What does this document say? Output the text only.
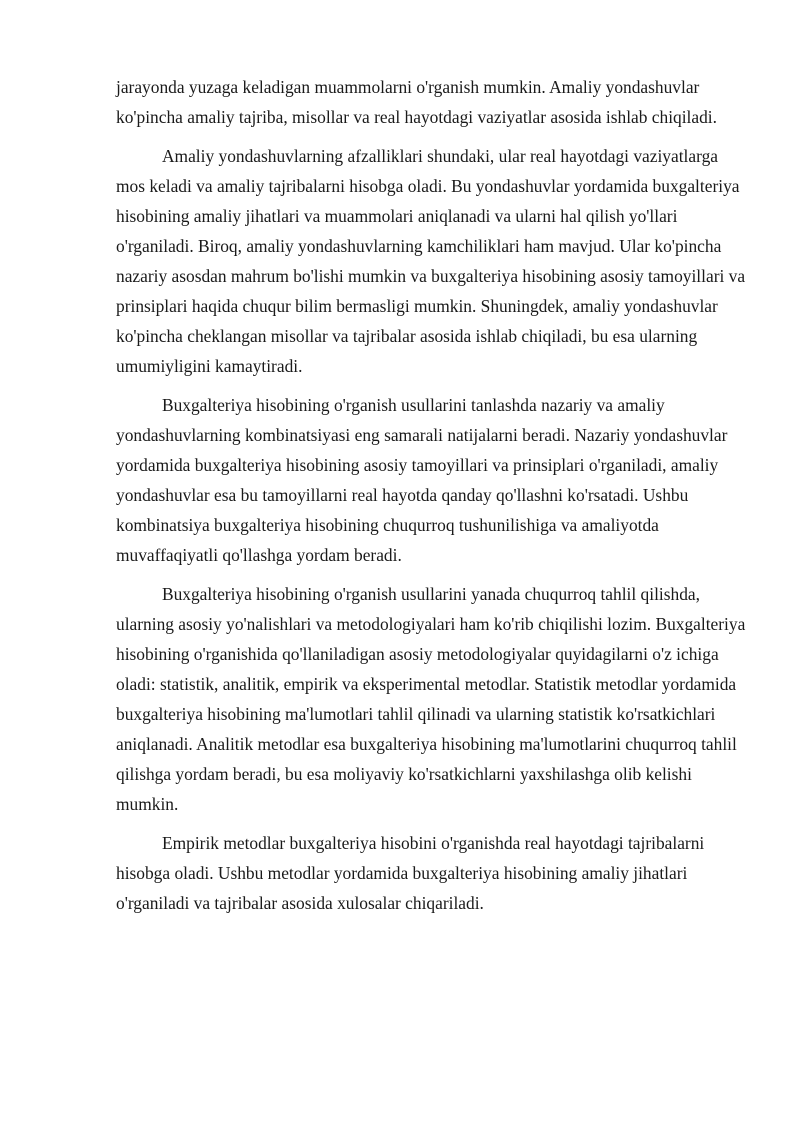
jarayonda yuzaga keladigan muammolarni o'rganish mumkin. Amaliy yondashuvlar ko'pincha amaliy tajriba, misollar va real hayotdagi vaziyatlar asosida ishlab chiqiladi.

Amaliy yondashuvlarning afzalliklari shundaki, ular real hayotdagi vaziyatlarga mos keladi va amaliy tajribalarni hisobga oladi. Bu yondashuvlar yordamida buxgalteriya hisobining amaliy jihatlari va muammolari aniqlanadi va ularni hal qilish yo'llari o'rganiladi. Biroq, amaliy yondashuvlarning kamchiliklari ham mavjud. Ular ko'pincha nazariy asosdan mahrum bo'lishi mumkin va buxgalteriya hisobining asosiy tamoyillari va prinsiplari haqida chuqur bilim bermasligi mumkin. Shuningdek, amaliy yondashuvlar ko'pincha cheklangan misollar va tajribalar asosida ishlab chiqiladi, bu esa ularning umumiyligini kamaytiradi.

Buxgalteriya hisobining o'rganish usullarini tanlashda nazariy va amaliy yondashuvlarning kombinatsiyasi eng samarali natijalarni beradi. Nazariy yondashuvlar yordamida buxgalteriya hisobining asosiy tamoyillari va prinsiplari o'rganiladi, amaliy yondashuvlar esa bu tamoyillarni real hayotda qanday qo'llashni ko'rsatadi. Ushbu kombinatsiya buxgalteriya hisobining chuqurroq tushunilishiga va amaliyotda muvaffaqiyatli qo'llashga yordam beradi.

Buxgalteriya hisobining o'rganish usullarini yanada chuqurroq tahlil qilishda, ularning asosiy yo'nalishlari va metodologiyalari ham ko'rib chiqilishi lozim. Buxgalteriya hisobining o'rganishida qo'llaniladigan asosiy metodologiyalar quyidagilarni o'z ichiga oladi: statistik, analitik, empirik va eksperimental metodlar. Statistik metodlar yordamida buxgalteriya hisobining ma'lumotlari tahlil qilinadi va ularning statistik ko'rsatkichlari aniqlanadi. Analitik metodlar esa buxgalteriya hisobining ma'lumotlarini chuqurroq tahlil qilishga yordam beradi, bu esa moliyaviy ko'rsatkichlarni yaxshilashga olib kelishi mumkin.

Empirik metodlar buxgalteriya hisobini o'rganishda real hayotdagi tajribalarni hisobga oladi. Ushbu metodlar yordamida buxgalteriya hisobining amaliy jihatlari o'rganiladi va tajribalar asosida xulosalar chiqariladi.
